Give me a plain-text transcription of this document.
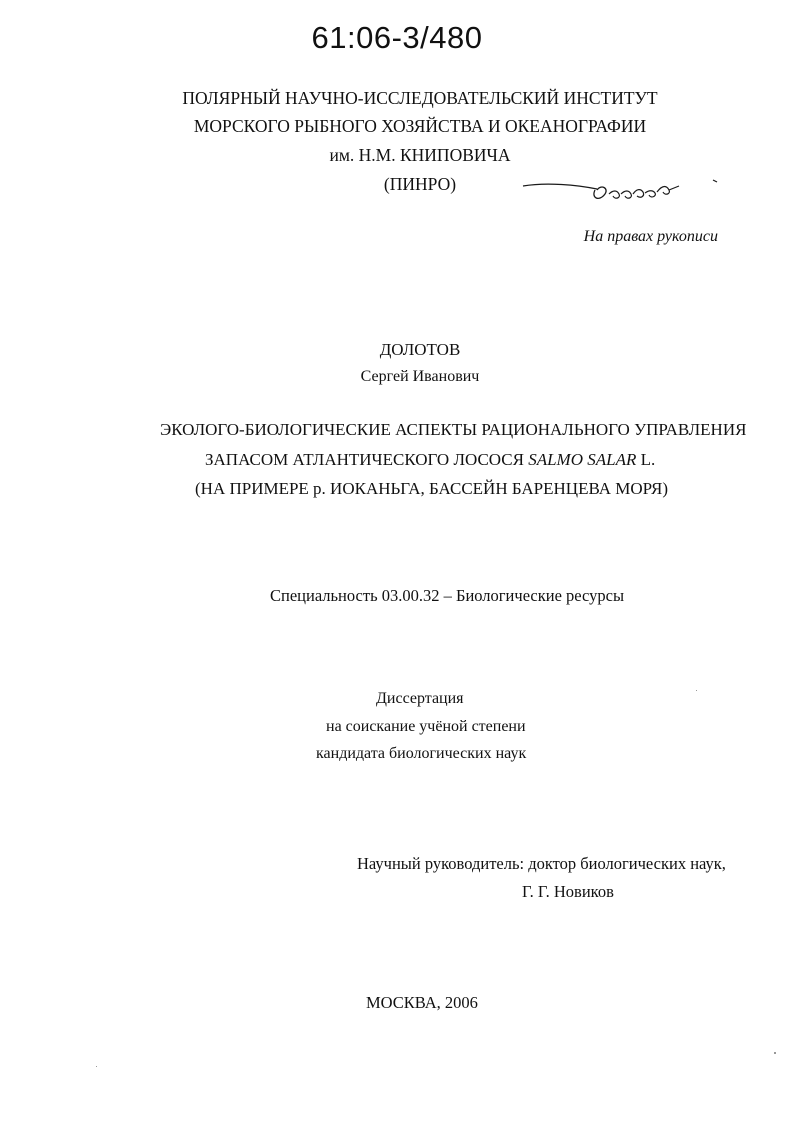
61:06-3/480
ПОЛЯРНЫЙ НАУЧНО-ИССЛЕДОВАТЕЛЬСКИЙ ИНСТИТУТ
МОРСКОГО РЫБНОГО ХОЗЯЙСТВА И ОКЕАНОГРАФИИ
им. Н.М. КНИПОВИЧА
(ПИНРО)
На правах рукописи
ДОЛОТОВ
Сергей Иванович
ЭКОЛОГО-БИОЛОГИЧЕСКИЕ АСПЕКТЫ РАЦИОНАЛЬНОГО УПРАВЛЕНИЯ
ЗАПАСОМ АТЛАНТИЧЕСКОГО ЛОСОСЯ SALMO SALAR L.
(НА ПРИМЕРЕ р. ИОКАНЬГА, БАССЕЙН БАРЕНЦЕВА МОРЯ)
Специальность 03.00.32 – Биологические ресурсы
Диссертация
на соискание учёной степени
кандидата биологических наук
Научный руководитель: доктор биологических наук,
Г. Г. Новиков
МОСКВА, 2006
